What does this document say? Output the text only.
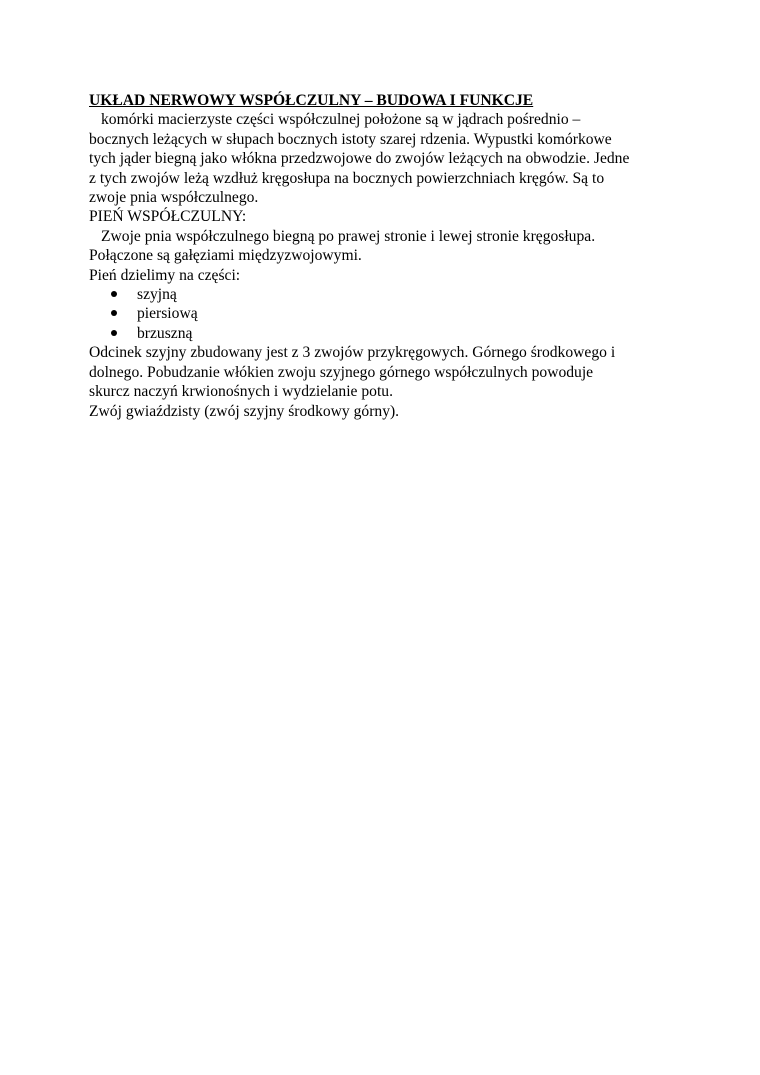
UKŁAD NERWOWY WSPÓŁCZULNY – BUDOWA I FUNKCJE
komórki macierzyste części współczulnej położone są w jądrach pośrednio –
bocznych leżących w słupach bocznych istoty szarej rdzenia. Wypustki komórkowe
tych jąder biegną jako włókna przedzwojowe do zwojów leżących na obwodzie. Jedne
z tych zwojów leżą wzdłuż kręgosłupa na bocznych powierzchniach kręgów. Są to
zwoje pnia współczulnego.
PIEŃ WSPÓŁCZULNY:
Zwoje pnia współczulnego biegną po prawej stronie i lewej stronie kręgosłupa.
Połączone są gałęziami międzyzwojowymi.
Pień dzielimy na części:
szyjną
piersiową
brzuszną
Odcinek szyjny zbudowany jest z 3 zwojów przykręgowych. Górnego środkowego i
dolnego. Pobudzanie włókien zwoju szyjnego górnego współczulnych powoduje
skurcz naczyń krwionośnych i wydzielanie potu.
Zwój gwiaździsty (zwój szyjny środkowy górny).
